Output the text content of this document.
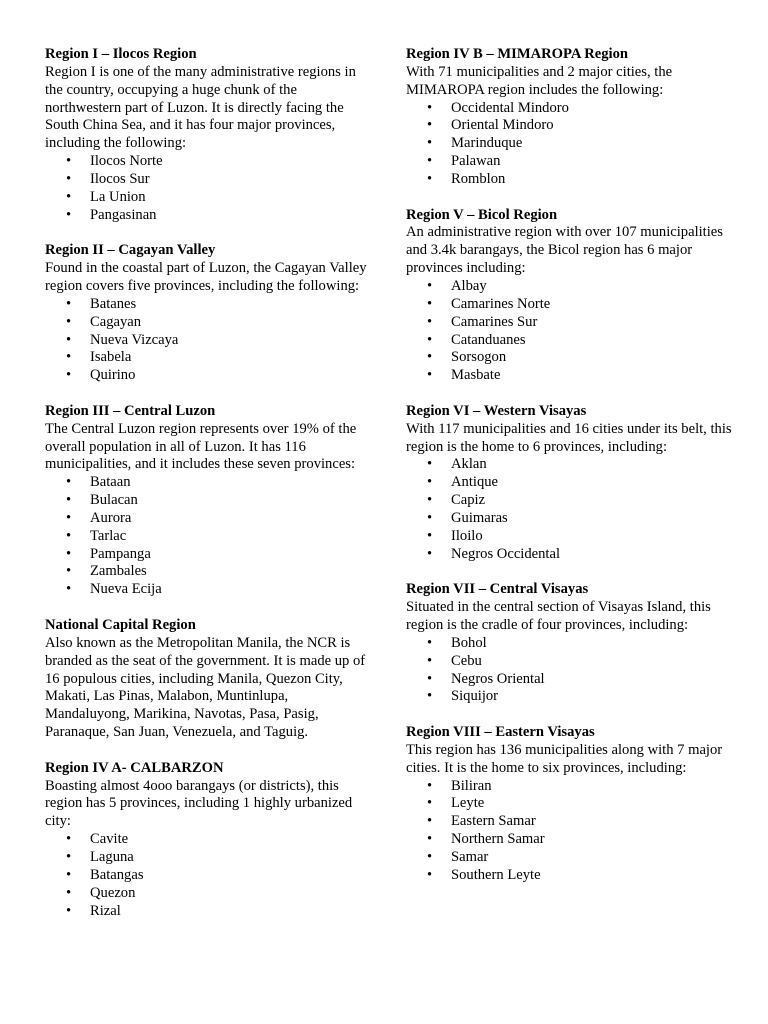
Region I – Ilocos Region
Region I is one of the many administrative regions in the country, occupying a huge chunk of the northwestern part of Luzon. It is directly facing the South China Sea, and it has four major provinces, including the following:
• Ilocos Norte
• Ilocos Sur
• La Union
• Pangasinan
Region II – Cagayan Valley
Found in the coastal part of Luzon, the Cagayan Valley region covers five provinces, including the following:
• Batanes
• Cagayan
• Nueva Vizcaya
• Isabela
• Quirino
Region III – Central Luzon
The Central Luzon region represents over 19% of the overall population in all of Luzon. It has 116 municipalities, and it includes these seven provinces:
• Bataan
• Bulacan
• Aurora
• Tarlac
• Pampanga
• Zambales
• Nueva Ecija
National Capital Region
Also known as the Metropolitan Manila, the NCR is branded as the seat of the government. It is made up of 16 populous cities, including Manila, Quezon City, Makati, Las Pinas, Malabon, Muntinlupa, Mandaluyong, Marikina, Navotas, Pasa, Pasig, Paranaque, San Juan, Venezuela, and Taguig.
Region IV A- CALBARZON
Boasting almost 4ooo barangays (or districts), this region has 5 provinces, including 1 highly urbanized city:
• Cavite
• Laguna
• Batangas
• Quezon
• Rizal
Region IV B – MIMAROPA Region
With 71 municipalities and 2 major cities, the MIMAROPA region includes the following:
• Occidental Mindoro
• Oriental Mindoro
• Marinduque
• Palawan
• Romblon
Region V – Bicol Region
An administrative region with over 107 municipalities and 3.4k barangays, the Bicol region has 6 major provinces including:
• Albay
• Camarines Norte
• Camarines Sur
• Catanduanes
• Sorsogon
• Masbate
Region VI – Western Visayas
With 117 municipalities and 16 cities under its belt, this region is the home to 6 provinces, including:
• Aklan
• Antique
• Capiz
• Guimaras
• Iloilo
• Negros Occidental
Region VII – Central Visayas
Situated in the central section of Visayas Island, this region is the cradle of four provinces, including:
• Bohol
• Cebu
• Negros Oriental
• Siquijor
Region VIII – Eastern Visayas
This region has 136 municipalities along with 7 major cities. It is the home to six provinces, including:
• Biliran
• Leyte
• Eastern Samar
• Northern Samar
• Samar
• Southern Leyte
